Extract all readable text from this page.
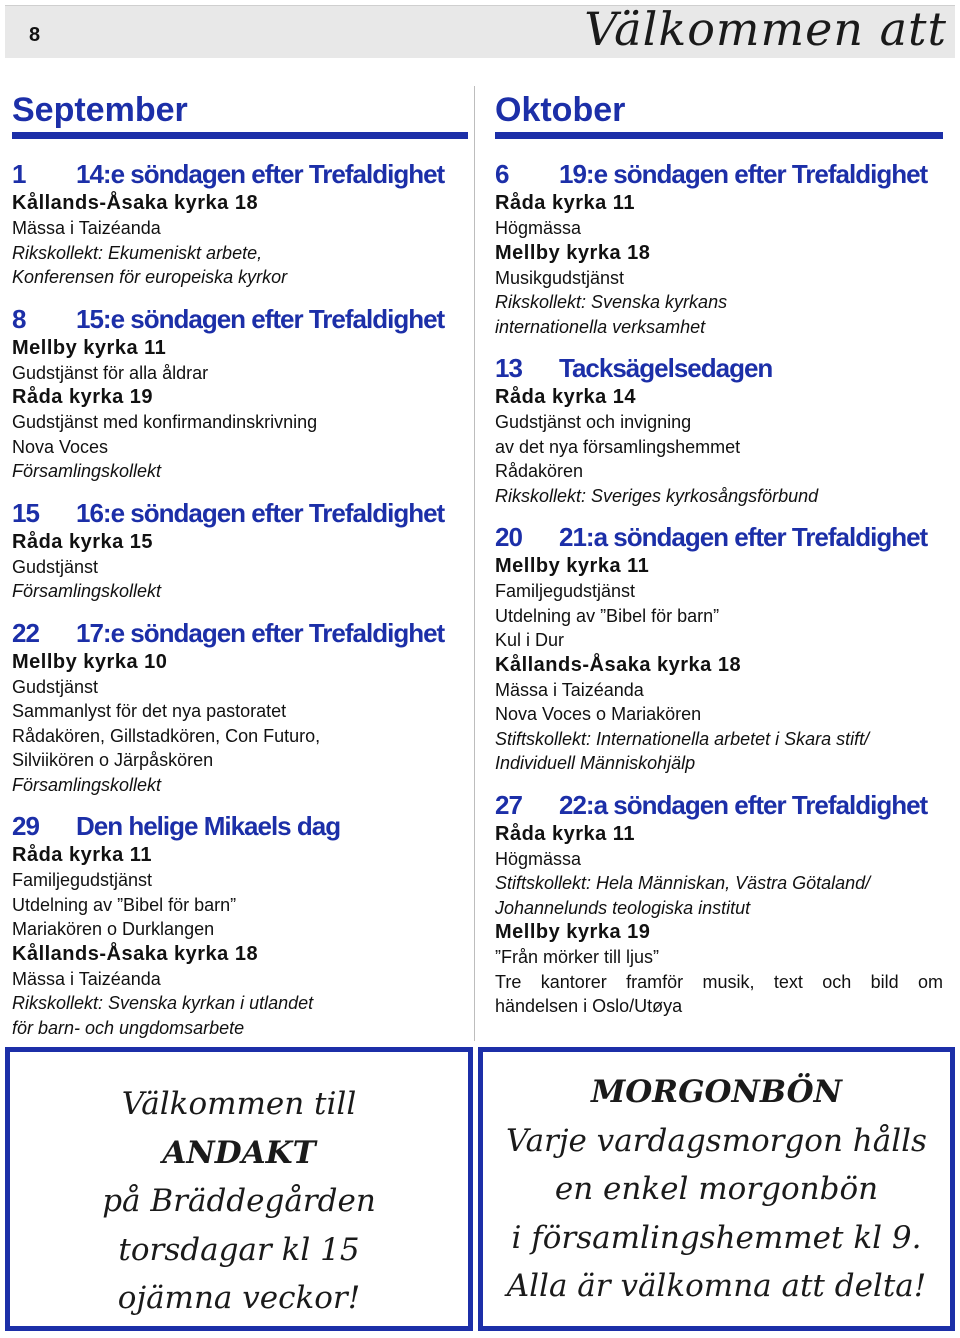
8	Välkommen att
September
1	14:e söndagen efter Trefaldighet
Kållands-Åsaka kyrka 18
Mässa i Taizéanda
Rikskollekt: Ekumeniskt arbete,
Konferensen för europeiska kyrkor
8	15:e söndagen efter Trefaldighet
Mellby kyrka 11
Gudstjänst för alla åldrar
Råda kyrka 19
Gudstjänst med konfirmandinskrivning
Nova Voces
Församlingskollekt
15	16:e söndagen efter Trefaldighet
Råda kyrka 15
Gudstjänst
Församlingskollekt
22	17:e söndagen efter Trefaldighet
Mellby kyrka 10
Gudstjänst
Sammanlyst för det nya pastoratet
Rådakören, Gillstadkören, Con Futuro,
Silviikören o Järpåskören
Församlingskollekt
29	Den helige Mikaels dag
Råda kyrka 11
Familjegudstjänst
Utdelning av ”Bibel för barn”
Mariakören o Durklangen
Kållands-Åsaka kyrka 18
Mässa i Taizéanda
Rikskollekt: Svenska kyrkan i utlandet
för barn- och ungdomsarbete
Oktober
6	19:e söndagen efter Trefaldighet
Råda kyrka 11
Högmässa
Mellby kyrka 18
Musikgudstjänst
Rikskollekt: Svenska kyrkans
internationella verksamhet
13	Tacksägelsedagen
Råda kyrka 14
Gudstjänst och invigning
av det nya församlingshemmet
Rådakören
Rikskollekt: Sveriges kyrkosångsförbund
20	21:a söndagen efter Trefaldighet
Mellby kyrka 11
Familjegudstjänst
Utdelning av ”Bibel för barn”
Kul i Dur
Kållands-Åsaka kyrka 18
Mässa i Taizéanda
Nova Voces o Mariakören
Stiftskollekt: Internationella arbetet i Skara stift/
Individuell Människohjälp
27	22:a söndagen efter Trefaldighet
Råda kyrka 11
Högmässa
Stiftskollekt: Hela Människan, Västra Götaland/
Johannelunds teologiska institut
Mellby kyrka 19
”Från mörker till ljus”
Tre kantorer framför musik, text och bild om
händelsen i Oslo/Utøya
Välkommen till
ANDAKT
på Bräddegården
torsdagar kl 15
ojämna veckor!
MORGONBÖN
Varje vardagsmorgon hålls
en enkel morgonbön
i församlingshemmet kl 9.
Alla är välkomna att delta!
